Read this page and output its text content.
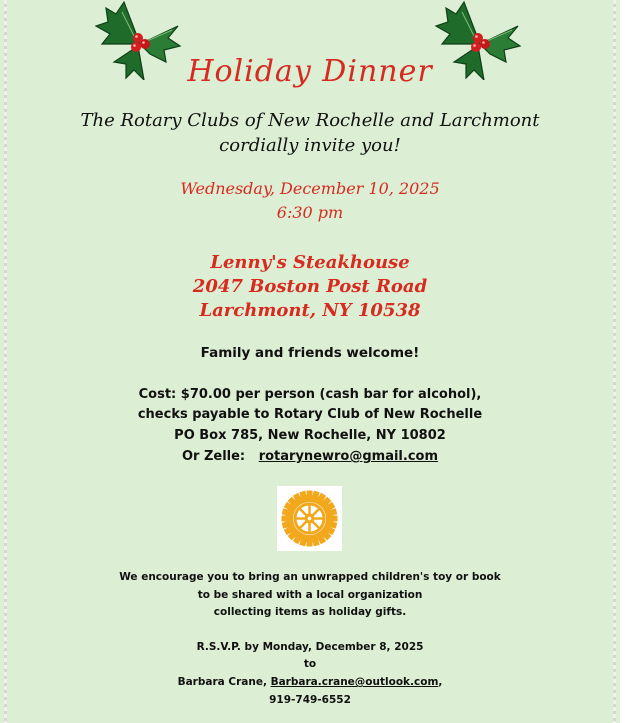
Holiday Dinner
The Rotary Clubs of New Rochelle and Larchmont
cordially invite you!
Wednesday, December 10, 2025
6:30 pm
Lenny's Steakhouse
2047 Boston Post Road
Larchmont, NY 10538
Family and friends welcome!
Cost: $70.00 per person (cash bar for alcohol),
checks payable to Rotary Club of New Rochelle
PO Box 785, New Rochelle, NY 10802
Or Zelle: rotarynewro@gmail.com
We encourage you to bring an unwrapped children's toy or book
to be shared with a local organization
collecting items as holiday gifts.
R.S.V.P. by Monday, December 8, 2025
to
Barbara Crane, Barbara.crane@outlook.com,
919-749-6552
